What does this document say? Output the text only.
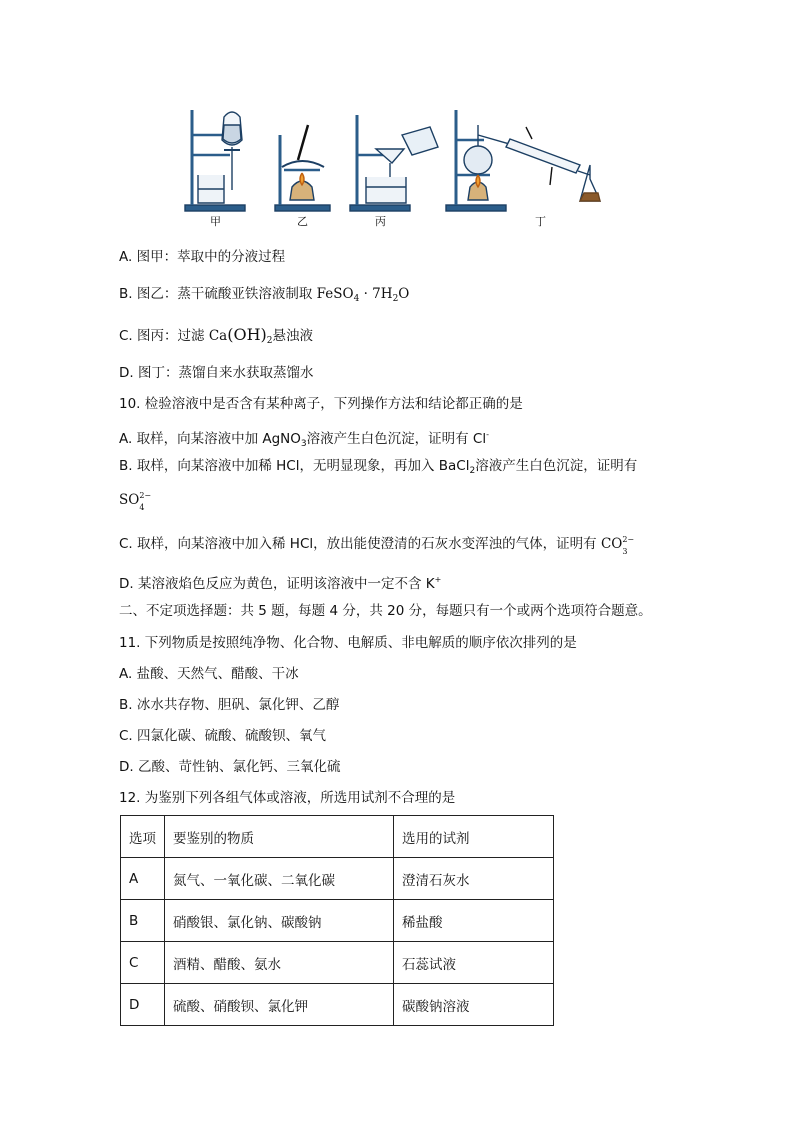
甲	乙	丙	丁
A. 图甲：萃取中的分液过程
B. 图乙：蒸干硫酸亚铁溶液制取 FeSO$_4$ · $7H_2O$
C. 图丙：过滤 $Ca(OH)_2$悬浊液
D. 图丁：蒸馏自来水获取蒸馏水
10. 检验溶液中是否含有某种离子，下列操作方法和结论都正确的是
A. 取样，向某溶液中加 AgNO$_3$溶液产生白色沉淀，证明有 Cl-
B. 取样，向某溶液中加稀 HCl，无明显现象，再加入 BaCl$_2$溶液产生白色沉淀，证明有
SO 2−
4
C. 取样，向某溶液中加入稀 HCl，放出能使澄清的石灰水变浑浊的气体，证明有 CO 2−
3
D. 某溶液焰色反应为黄色，证明该溶液中一定不含 K+
二、不定项选择题：共 5 题，每题 4 分，共 20 分，每题只有一个或两个选项符合题意。
11. 下列物质是按照纯净物、化合物、电解质、非电解质的顺序依次排列的是
A. 盐酸、天然气、醋酸、干冰
B. 冰水共存物、胆矾、氯化钾、乙醇
C. 四氯化碳、硫酸、硫酸钡、氧气
D. 乙酸、苛性钠、氯化钙、三氧化硫
12. 为鉴别下列各组气体或溶液，所选用试剂不合理的是
选项	要鉴别的物质	选用的试剂
A	氮气、一氧化碳、二氧化碳	澄清石灰水
B	硝酸银、氯化钠、碳酸钠	稀盐酸
C	酒精、醋酸、氨水	石蕊试液
D	硫酸、硝酸钡、氯化钾	碳酸钠溶液
